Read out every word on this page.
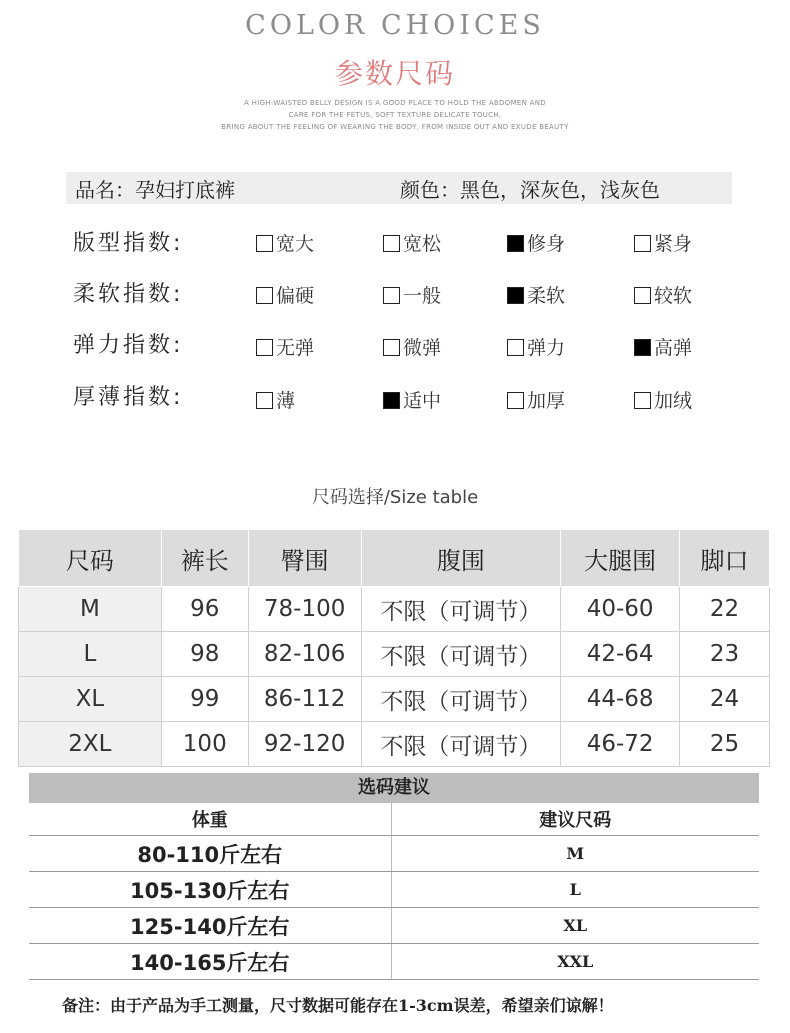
COLOR CHOICES
参数尺码
A HIGH-WAISTED BELLY DESIGN IS A GOOD PLACE TO HOLD THE ABDOMEN AND
CARE FOR THE FETUS, SOFT TEXTURE DELICATE TOUCH,
BRING ABOUT THE FEELING OF WEARING THE BODY, FROM INSIDE OUT AND EXUDE BEAUTY
品名：孕妇打底裤	颜色：黑色，深灰色，浅灰色
版型指数:	宽大	宽松	修身	紧身
柔软指数:	偏硬	一般	柔软	较软
弹力指数:	无弹	微弹	弹力	高弹
厚薄指数:	薄	适中	加厚	加绒
尺码选择/Size table
尺码	裤长	臀围	腹围	大腿围	脚口
M	96	78-100	不限（可调节）	40-60	22
L	98	82-106	不限（可调节）	42-64	23
XL	99	86-112	不限（可调节）	44-68	24
2XL	100	92-120	不限（可调节）	46-72	25
选码建议
体重	建议尺码
80-110斤左右	M
105-130斤左右	L
125-140斤左右	XL
140-165斤左右	XXL
备注：由于产品为手工测量，尺寸数据可能存在1-3cm误差，希望亲们谅解！
